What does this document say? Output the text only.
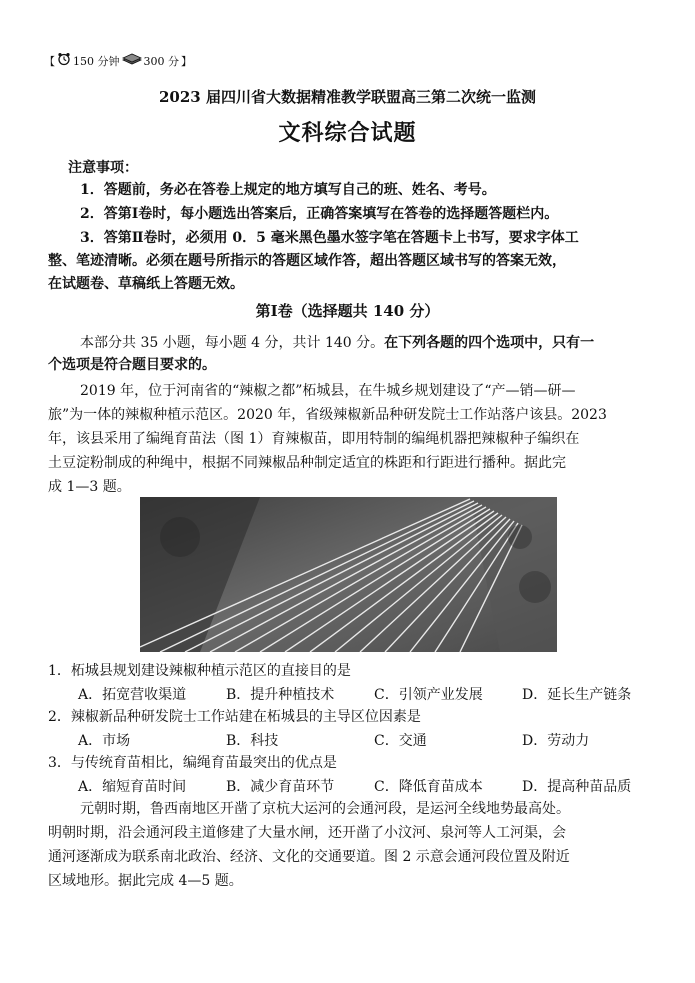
【 150 分钟 300 分 】
2023 届四川省大数据精准教学联盟高三第二次统一监测
文科综合试题
注意事项：
1．答题前，务必在答卷上规定的地方填写自己的班、姓名、考号。
2．答第Ⅰ卷时，每小题选出答案后，正确答案填写在答卷的选择题答题栏内。
3．答第Ⅱ卷时，必须用 0．5 毫米黑色墨水签字笔在答题卡上书写，要求字体工
整、笔迹清晰。必须在题号所指示的答题区域作答，超出答题区域书写的答案无效，
在试题卷、草稿纸上答题无效。
第Ⅰ卷（选择题共 140 分）
本部分共 35 小题，每小题 4 分，共计 140 分。在下列各题的四个选项中，只有一
个选项是符合题目要求的。
2019 年，位于河南省的“辣椒之都”柘城县，在牛城乡规划建设了“产—销—研—
旅”为一体的辣椒种植示范区。2020 年，省级辣椒新品种研发院士工作站落户该县。2023
年，该县采用了编绳育苗法（图 1）育辣椒苗，即用特制的编绳机器把辣椒种子编织在
土豆淀粉制成的种绳中，根据不同辣椒品种制定适宜的株距和行距进行播种。据此完
成 1—3 题。
1．柘城县规划建设辣椒种植示范区的直接目的是
A．拓宽营收渠道	B．提升种植技术	C．引领产业发展	D．延长生产链条
2．辣椒新品种研发院士工作站建在柘城县的主导区位因素是
A．市场	B．科技	C．交通	D．劳动力
3．与传统育苗相比，编绳育苗最突出的优点是
A．缩短育苗时间	B．减少育苗环节	C．降低育苗成本	D．提高种苗品质
元朝时期，鲁西南地区开凿了京杭大运河的会通河段，是运河全线地势最高处。
明朝时期，沿会通河段主道修建了大量水闸，还开凿了小汶河、泉河等人工河渠，会
通河逐渐成为联系南北政治、经济、文化的交通要道。图 2 示意会通河段位置及附近
区域地形。据此完成 4—5 题。
